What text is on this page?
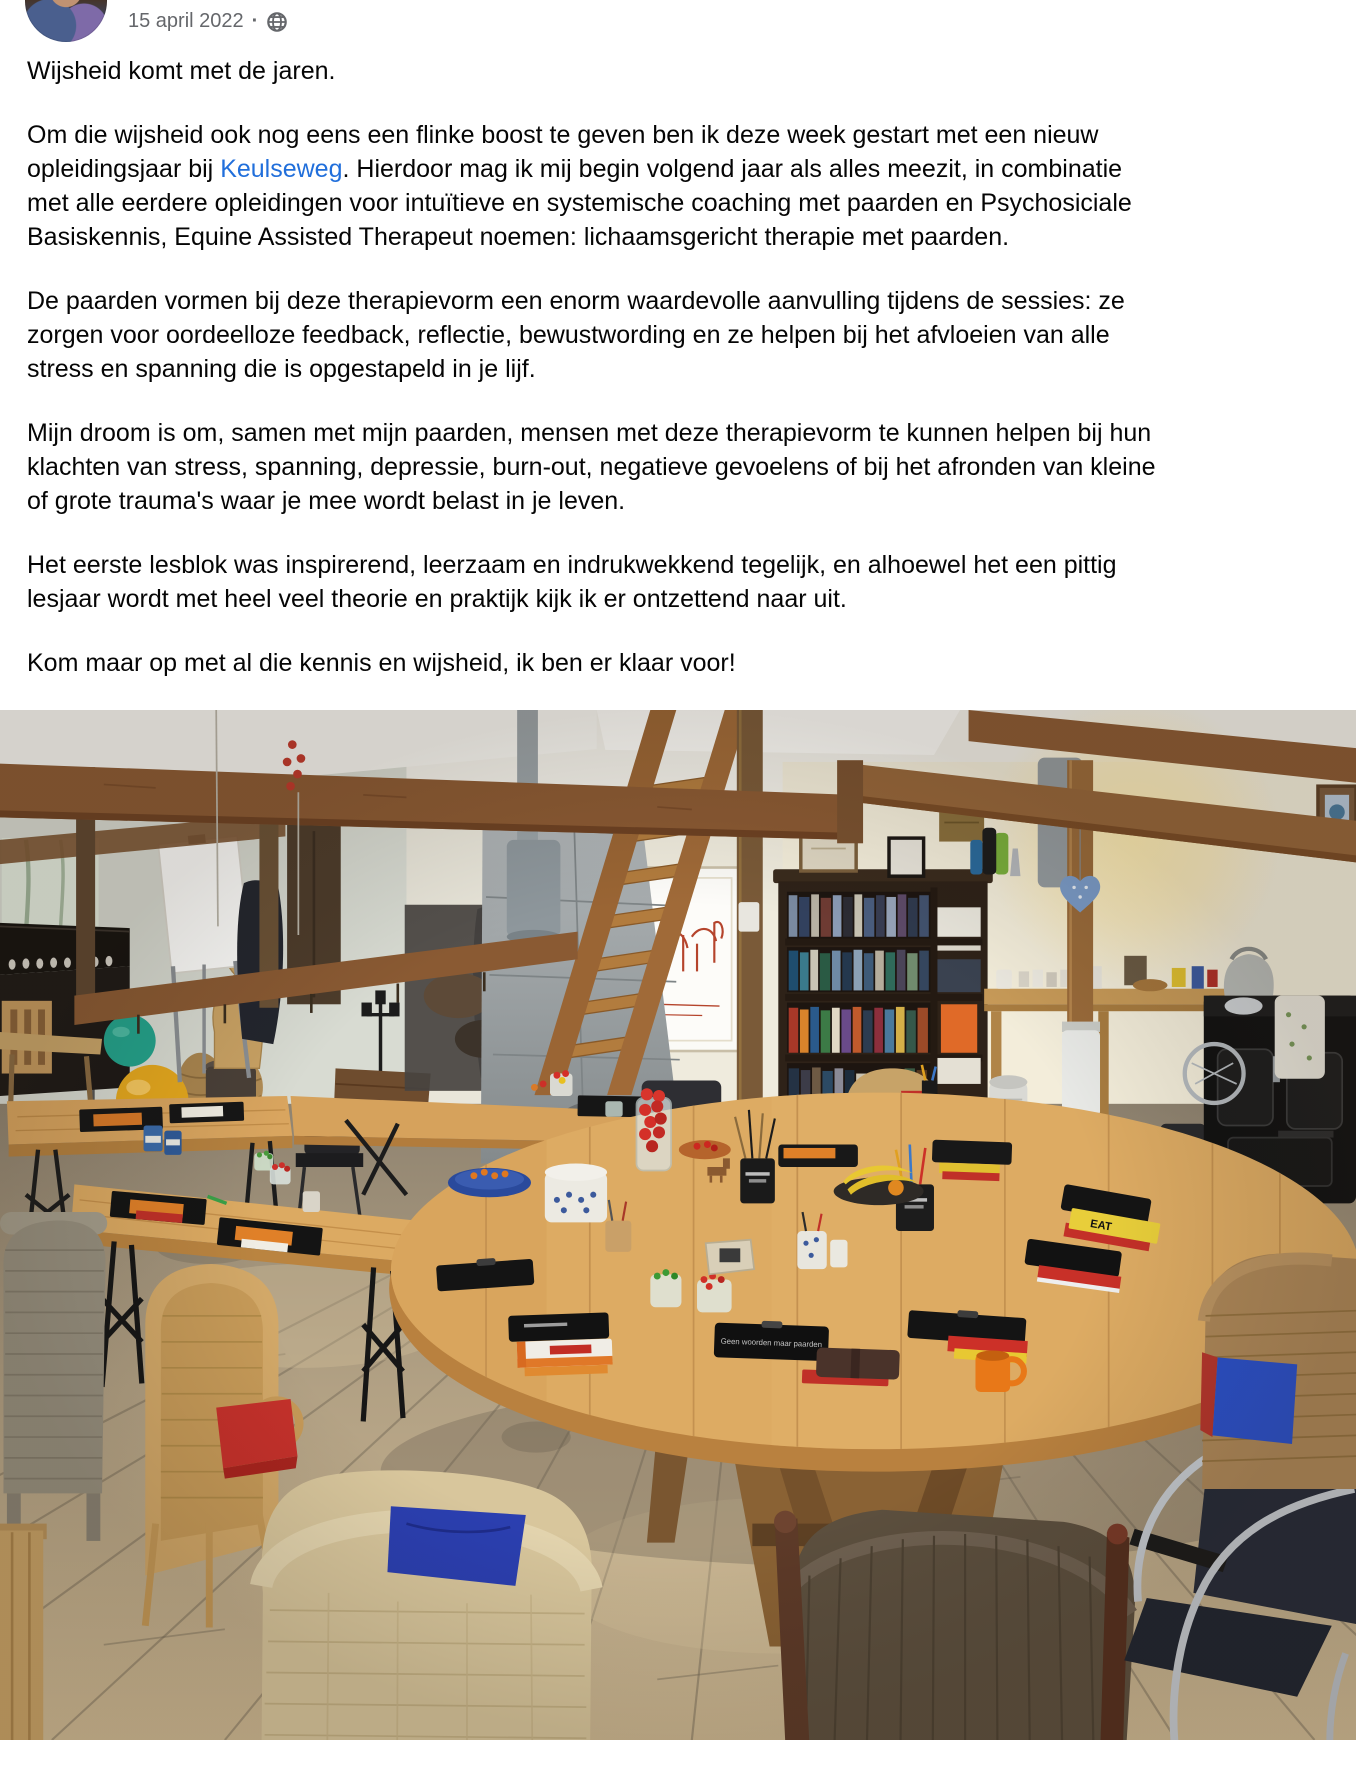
15 april 2022 ·

Wijsheid komt met de jaren.

Om die wijsheid ook nog eens een flinke boost te geven ben ik deze week gestart met een nieuw opleidingsjaar bij Keulseweg. Hierdoor mag ik mij begin volgend jaar als alles meezit, in combinatie met alle eerdere opleidingen voor intuïtieve en systemische coaching met paarden en Psychosiciale Basiskennis, Equine Assisted Therapeut noemen: lichaamsgericht therapie met paarden.

De paarden vormen bij deze therapievorm een enorm waardevolle aanvulling tijdens de sessies: ze zorgen voor oordeelloze feedback, reflectie, bewustwording en ze helpen bij het afvloeien van alle stress en spanning die is opgestapeld in je lijf.

Mijn droom is om, samen met mijn paarden, mensen met deze therapievorm te kunnen helpen bij hun klachten van stress, spanning, depressie, burn-out, negatieve gevoelens of bij het afronden van kleine of grote trauma's waar je mee wordt belast in je leven.

Het eerste lesblok was inspirerend, leerzaam en indrukwekkend tegelijk, en alhoewel het een pittig lesjaar wordt met heel veel theorie en praktijk kijk ik er ontzettend naar uit.

Kom maar op met al die kennis en wijsheid, ik ben er klaar voor!
